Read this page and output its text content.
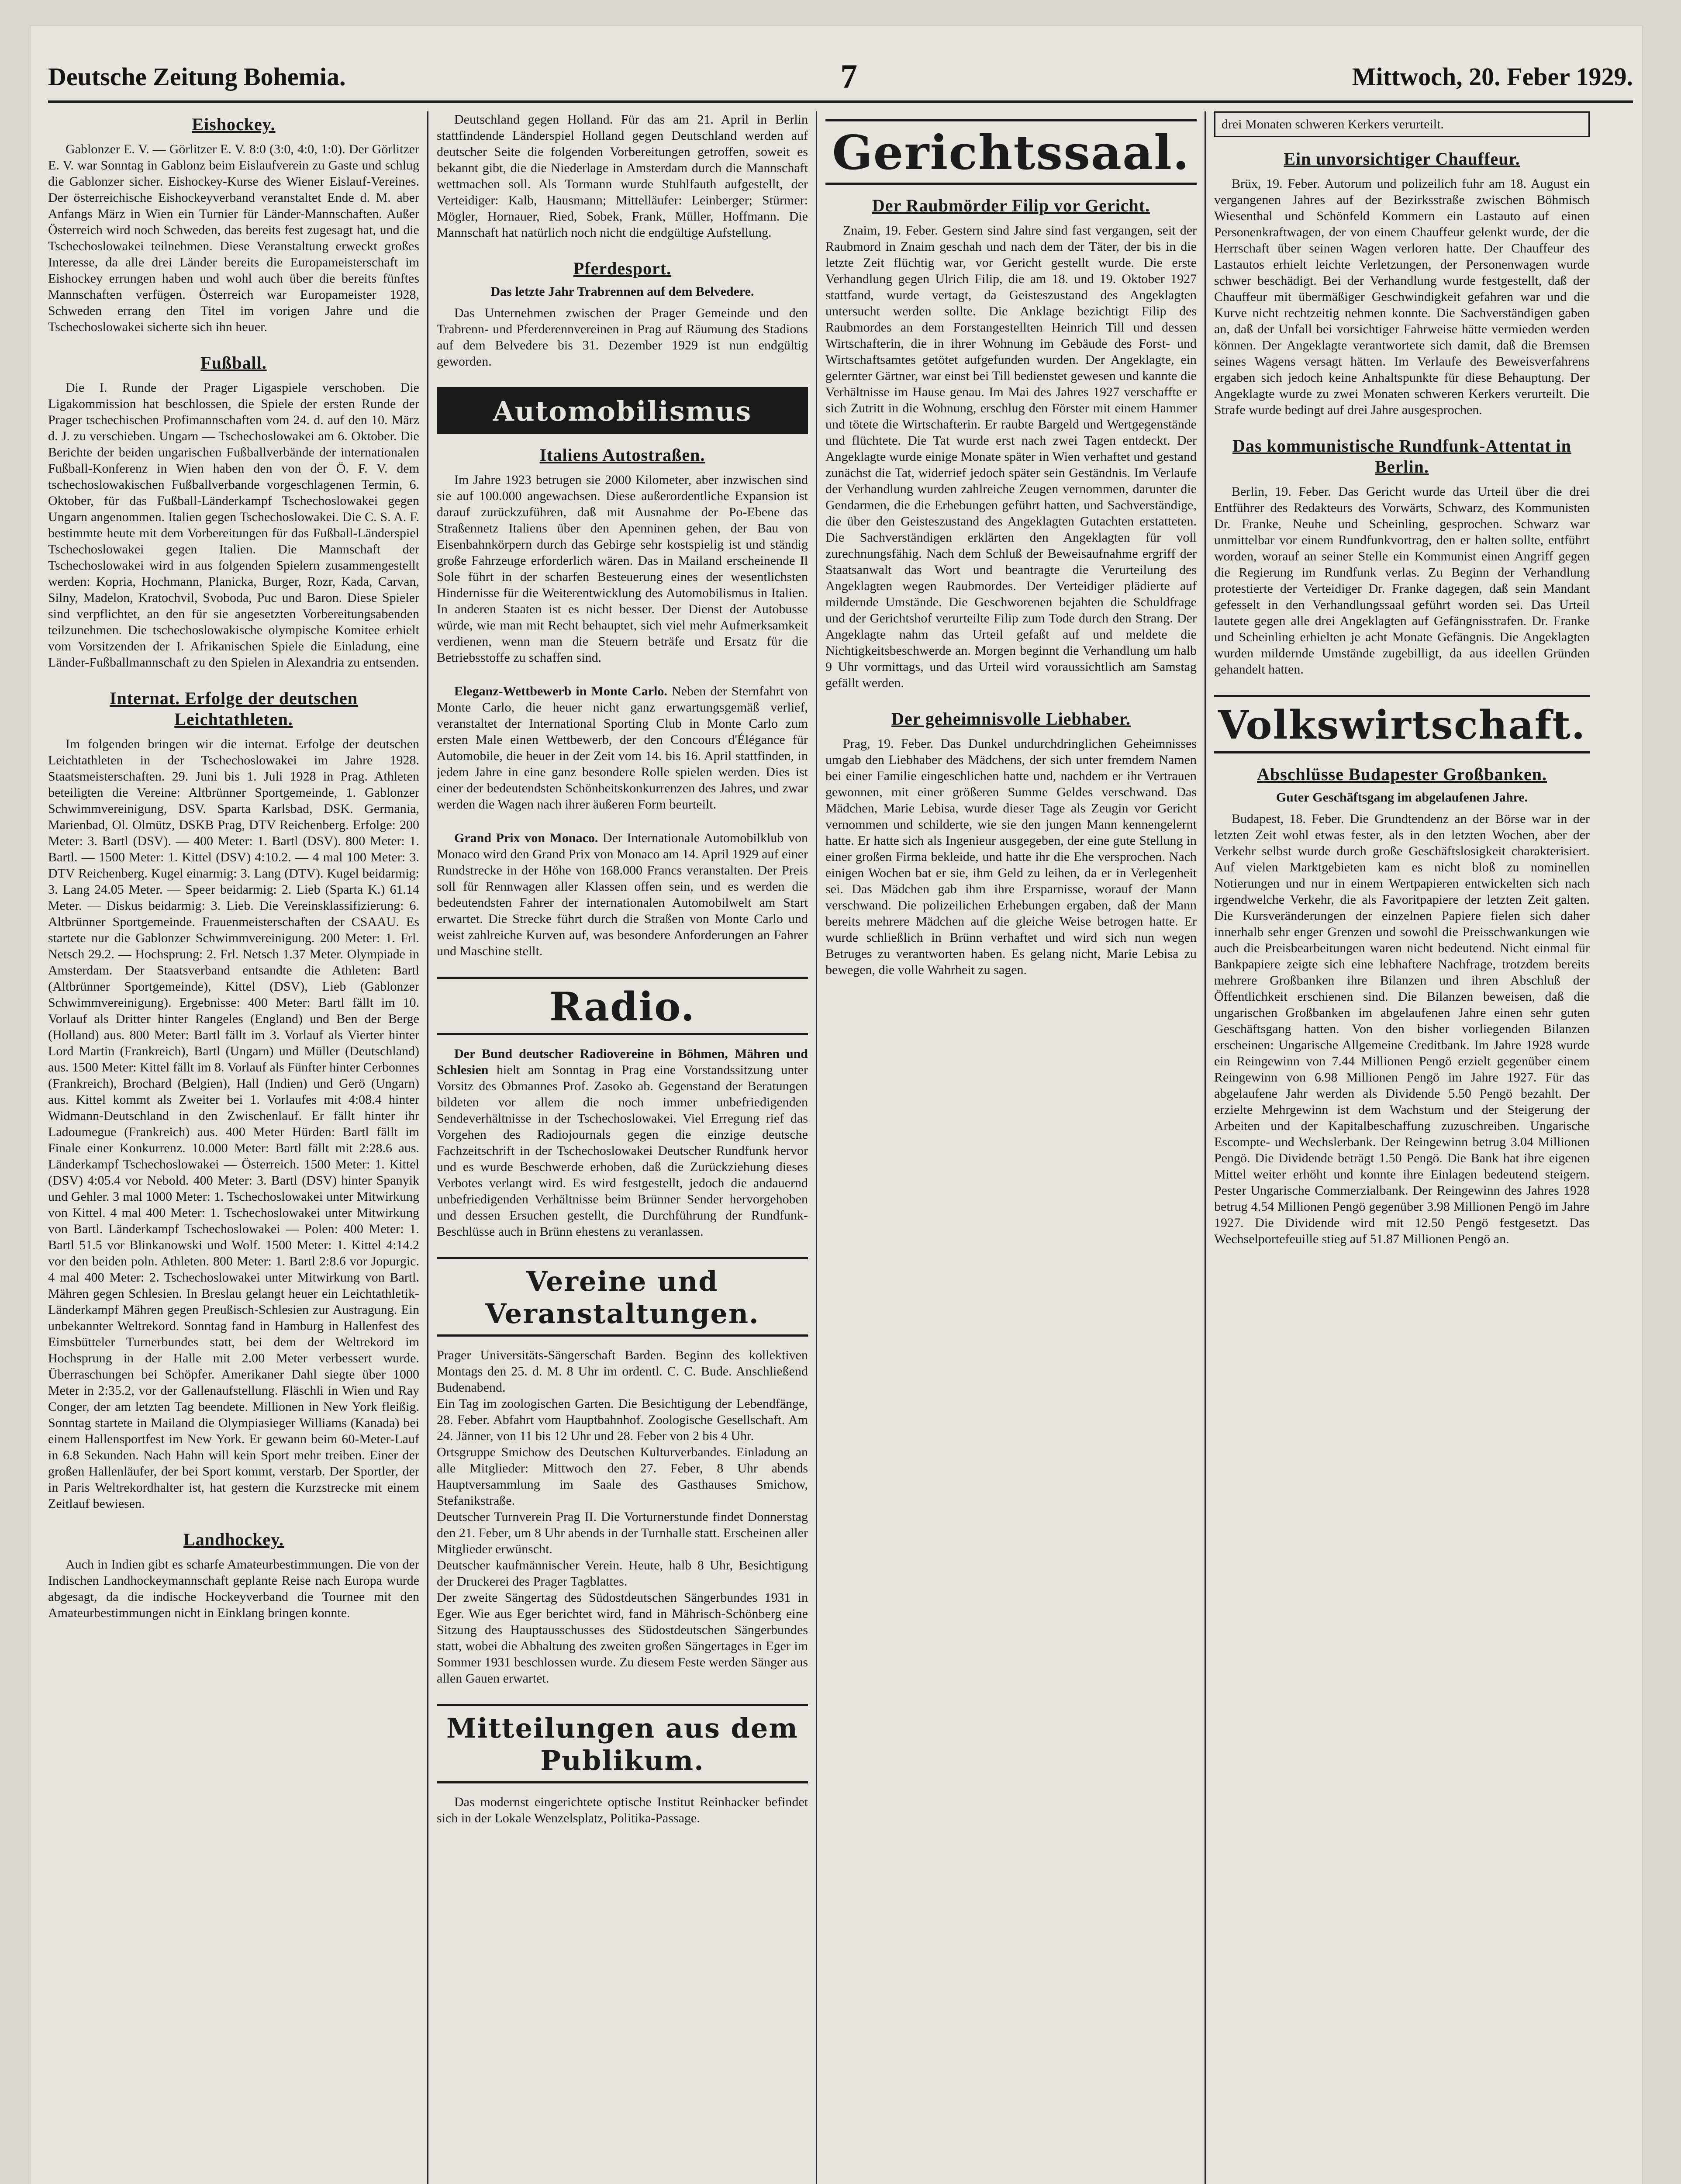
Deutsche Zeitung Bohemia.	7	Mittwoch, 20. Feber 1929.
Eishockey.

Gablonzer E. V. — Görlitzer E. V. 8:0 (3:0, 4:0, 1:0). Der Görlitzer E. V. war Sonntag in Gablonz beim Eislaufverein zu Gaste und schlug die Gablonzer sicher. Eishockey-Kurse des Wiener Eislauf-Vereines. Der österreichische Eishockeyverband veranstaltet Ende d. M. aber Anfangs März in Wien ein Turnier für Länder-Mannschaften. Außer Österreich wird noch Schweden, das bereits fest zugesagt hat, und die Tschechoslowakei teilnehmen. Diese Veranstaltung erweckt großes Interesse, da alle drei Länder bereits die Europameisterschaft im Eishockey errungen haben und wohl auch über die bereits fünftes Mannschaften verfügen. Österreich war Europameister 1928, Schweden errang den Titel im vorigen Jahre und die Tschechoslowakei sicherte sich ihn heuer.

Fußball.

Die I. Runde der Prager Ligaspiele verschoben. Die Ligakommission hat beschlossen, die Spiele der ersten Runde der Prager tschechischen Profimannschaften vom 24. d. auf den 10. März d. J. zu verschieben. Ungarn — Tschechoslowakei am 6. Oktober. Die Berichte der beiden ungarischen Fußballverbände der internationalen Fußball-Konferenz in Wien haben den von der Ö. F. V. dem tschechoslowakischen Fußballverbande vorgeschlagenen Termin, 6. Oktober, für das Fußball-Länderkampf Tschechoslowakei gegen Ungarn angenommen. Italien gegen Tschechoslowakei. Die C. S. A. F. bestimmte heute mit dem Vorbereitungen für das Fußball-Länderspiel Tschechoslowakei gegen Italien. Die Mannschaft der Tschechoslowakei wird in aus folgenden Spielern zusammengestellt werden: Kopria, Hochmann, Planicka, Burger, Rozr, Kada, Carvan, Silny, Madelon, Kratochvil, Svoboda, Puc und Baron. Diese Spieler sind verpflichtet, an den für sie angesetzten Vorbereitungsabenden teilzunehmen. Die tschechoslowakische olympische Komitee erhielt vom Vorsitzenden der I. Afrikanischen Spiele die Einladung, eine Länder-Fußballmannschaft zu den Spielen in Alexandria zu entsenden.

Internat. Erfolge der deutschen Leichtathleten.

Im folgenden bringen wir die internat. Erfolge der deutschen Leichtathleten in der Tschechoslowakei im Jahre 1928. Staatsmeisterschaften. 29. Juni bis 1. Juli 1928 in Prag. Athleten beteiligten die Vereine: Altbrünner Sportgemeinde, 1. Gablonzer Schwimmvereinigung, DSV. Sparta Karlsbad, DSK. Germania, Marienbad, Ol. Olmütz, DSKB Prag, DTV Reichenberg. Erfolge: 200 Meter: 3. Bartl (DSV). — 400 Meter: 1. Bartl (DSV). 800 Meter: 1. Bartl. — 1500 Meter: 1. Kittel (DSV) 4:10.2. — 4 mal 100 Meter: 3. DTV Reichenberg. Kugel einarmig: 3. Lang (DTV). Kugel beidarmig: 3. Lang 24.05 Meter. — Speer beidarmig: 2. Lieb (Sparta K.) 61.14 Meter. — Diskus beidarmig: 3. Lieb. Die Vereinsklassifizierung: 6. Altbrünner Sportgemeinde. Frauenmeisterschaften der CSAAU. Es startete nur die Gablonzer Schwimmvereinigung. 200 Meter: 1. Frl. Netsch 29.2. — Hochsprung: 2. Frl. Netsch 1.37 Meter. Olympiade in Amsterdam. Der Staatsverband entsandte die Athleten: Bartl (Altbrünner Sportgemeinde), Kittel (DSV), Lieb (Gablonzer Schwimmvereinigung). Ergebnisse: 400 Meter: Bartl fällt im 10. Vorlauf als Dritter hinter Rangeles (England) und Ben der Berge (Holland) aus. 800 Meter: Bartl fällt im 3. Vorlauf als Vierter hinter Lord Martin (Frankreich), Bartl (Ungarn) und Müller (Deutschland) aus. 1500 Meter: Kittel fällt im 8. Vorlauf als Fünfter hinter Cerbonnes (Frankreich), Brochard (Belgien), Hall (Indien) und Gerö (Ungarn) aus. Kittel kommt als Zweiter bei 1. Vorlaufes mit 4:08.4 hinter Widmann-Deutschland in den Zwischenlauf. Er fällt hinter ihr Ladoumegue (Frankreich) aus. 400 Meter Hürden: Bartl fällt im Finale einer Konkurrenz. 10.000 Meter: Bartl fällt mit 2:28.6 aus. Länderkampf Tschechoslowakei — Österreich. 1500 Meter: 1. Kittel (DSV) 4:05.4 vor Nebold. 400 Meter: 3. Bartl (DSV) hinter Spanyik und Gehler. 3 mal 1000 Meter: 1. Tschechoslowakei unter Mitwirkung von Kittel. 4 mal 400 Meter: 1. Tschechoslowakei unter Mitwirkung von Bartl. Länderkampf Tschechoslowakei — Polen: 400 Meter: 1. Bartl 51.5 vor Blinkanowski und Wolf. 1500 Meter: 1. Kittel 4:14.2 vor den beiden poln. Athleten. 800 Meter: 1. Bartl 2:8.6 vor Jopurgic. 4 mal 400 Meter: 2. Tschechoslowakei unter Mitwirkung von Bartl. Mähren gegen Schlesien. In Breslau gelangt heuer ein Leichtathletik-Länderkampf Mähren gegen Preußisch-Schlesien zur Austragung. Ein unbekannter Weltrekord. Sonntag fand in Hamburg in Hallenfest des Eimsbütteler Turnerbundes statt, bei dem der Weltrekord im Hochsprung in der Halle mit 2.00 Meter verbessert wurde. Überraschungen bei Schöpfer. Amerikaner Dahl siegte über 1000 Meter in 2:35.2, vor der Gallenaufstellung. Fläschli in Wien und Ray Conger, der am letzten Tag beendete. Millionen in New York fleißig. Sonntag startete in Mailand die Olympiasieger Williams (Kanada) bei einem Hallensportfest im New York. Er gewann beim 60-Meter-Lauf in 6.8 Sekunden. Nach Hahn will kein Sport mehr treiben. Einer der großen Hallenläufer, der bei Sport kommt, verstarb. Der Sportler, der in Paris Weltrekordhalter ist, hat gestern die Kurzstrecke mit einem Zeitlauf bewiesen.

Landhockey.

Auch in Indien gibt es scharfe Amateurbestimmungen. Die von der Indischen Landhockeymannschaft geplante Reise nach Europa wurde abgesagt, da die indische Hockeyverband die Tournee mit den Amateurbestimmungen nicht in Einklang bringen konnte.

Deutschland gegen Holland. Für das am 21. April in Berlin stattfindende Länderspiel Holland gegen Deutschland werden auf deutscher Seite die folgenden Vorbereitungen getroffen, soweit es bekannt gibt, die die Niederlage in Amsterdam durch die Mannschaft wettmachen soll. Als Tormann wurde Stuhlfauth aufgestellt, der Verteidiger: Kalb, Hausmann; Mittelläufer: Leinberger; Stürmer: Mögler, Hornauer, Ried, Sobek, Frank, Müller, Hoffmann. Die Mannschaft hat natürlich noch nicht die endgültige Aufstellung.

Pferdesport.
Das letzte Jahr Trabrennen auf dem Belvedere.

Das Unternehmen zwischen der Prager Gemeinde und den Trabrenn- und Pferderennvereinen in Prag auf Räumung des Stadions auf dem Belvedere bis 31. Dezember 1929 ist nun endgültig geworden.

Automobilismus
Italiens Autostraßen.

Im Jahre 1923 betrugen sie 2000 Kilometer, aber inzwischen sind sie auf 100.000 angewachsen. Diese außerordentliche Expansion ist darauf zurückzuführen, daß mit Ausnahme der Po-Ebene das Straßennetz Italiens über den Apenninen gehen, der Bau von Eisenbahnkörpern durch das Gebirge sehr kostspielig ist und ständig große Fahrzeuge erforderlich wären. Das in Mailand erscheinende Il Sole führt in der scharfen Besteuerung eines der wesentlichsten Hindernisse für die Weiterentwicklung des Automobilismus in Italien. In anderen Staaten ist es nicht besser. Der Dienst der Autobusse würde, wie man mit Recht behauptet, sich viel mehr Aufmerksamkeit verdienen, wenn man die Steuern beträfe und Ersatz für die Betriebsstoffe zu schaffen sind.

Eleganz-Wettbewerb in Monte Carlo. Neben der Sternfahrt von Monte Carlo, die heuer nicht ganz erwartungsgemäß verlief, veranstaltet der International Sporting Club in Monte Carlo zum ersten Male einen Wettbewerb, der den Concours d'Élégance für Automobile, die heuer in der Zeit vom 14. bis 16. April stattfinden, in jedem Jahre in eine ganz besondere Rolle spielen werden. Dies ist einer der bedeutendsten Schönheitskonkurrenzen des Jahres, und zwar werden die Wagen nach ihrer äußeren Form beurteilt.

Grand Prix von Monaco. Der Internationale Automobilklub von Monaco wird den Grand Prix von Monaco am 14. April 1929 auf einer Rundstrecke in der Höhe von 168.000 Francs veranstalten. Der Preis soll für Rennwagen aller Klassen offen sein, und es werden die bedeutendsten Fahrer der internationalen Automobilwelt am Start erwartet. Die Strecke führt durch die Straßen von Monte Carlo und weist zahlreiche Kurven auf, was besondere Anforderungen an Fahrer und Maschine stellt.

Radio.

Der Bund deutscher Radiovereine in Böhmen, Mähren und Schlesien hielt am Sonntag in Prag eine Vorstandssitzung unter Vorsitz des Obmannes Prof. Zasoko ab. Gegenstand der Beratungen bildeten vor allem die noch immer unbefriedigenden Sendeverhältnisse in der Tschechoslowakei. Viel Erregung rief das Vorgehen des Radiojournals gegen die einzige deutsche Fachzeitschrift in der Tschechoslowakei Deutscher Rundfunk hervor und es wurde Beschwerde erhoben, daß die Zurückziehung dieses Verbotes verlangt wird. Es wird festgestellt, jedoch die andauernd unbefriedigenden Verhältnisse beim Brünner Sender hervorgehoben und dessen Ersuchen gestellt, die Durchführung der Rundfunk-Beschlüsse auch in Brünn ehestens zu veranlassen.

Vereine und Veranstaltungen.

Prager Universitäts-Sängerschaft Barden. Beginn des kollektiven Montags den 25. d. M. 8 Uhr im ordentl. C. C. Bude. Anschließend Budenabend.

Ein Tag im zoologischen Garten. Die Besichtigung der Lebendfänge, 28. Feber. Abfahrt vom Hauptbahnhof. Zoologische Gesellschaft. Am 24. Jänner, von 11 bis 12 Uhr und 28. Feber von 2 bis 4 Uhr.

Ortsgruppe Smichow des Deutschen Kulturverbandes. Einladung an alle Mitglieder: Mittwoch den 27. Feber, 8 Uhr abends Hauptversammlung im Saale des Gasthauses Smichow, Stefanikstraße.

Deutscher Turnverein Prag II. Die Vorturnerstunde findet Donnerstag den 21. Feber, um 8 Uhr abends in der Turnhalle statt. Erscheinen aller Mitglieder erwünscht.

Deutscher kaufmännischer Verein. Heute, halb 8 Uhr, Besichtigung der Druckerei des Prager Tagblattes.

Der zweite Sängertag des Südostdeutschen Sängerbundes 1931 in Eger. Wie aus Eger berichtet wird, fand in Mährisch-Schönberg eine Sitzung des Hauptausschusses des Südostdeutschen Sängerbundes statt, wobei die Abhaltung des zweiten großen Sängertages in Eger im Sommer 1931 beschlossen wurde. Zu diesem Feste werden Sänger aus allen Gauen erwartet.

Mitteilungen aus dem Publikum.

Das modernst eingerichtete optische Institut Reinhacker befindet sich in der Lokale Wenzelsplatz, Politika-Passage.

Gerichtssaal.
Der Raubmörder Filip vor Gericht.

Znaim, 19. Feber. Gestern sind Jahre sind fast vergangen, seit der Raubmord in Znaim geschah und nach dem der Täter, der bis in die letzte Zeit flüchtig war, vor Gericht gestellt wurde. Die erste Verhandlung gegen Ulrich Filip, die am 18. und 19. Oktober 1927 stattfand, wurde vertagt, da Geisteszustand des Angeklagten untersucht werden sollte. Die Anklage bezichtigt Filip des Raubmordes an dem Forstangestellten Heinrich Till und dessen Wirtschafterin, die in ihrer Wohnung im Gebäude des Forst- und Wirtschaftsamtes getötet aufgefunden wurden. Der Angeklagte, ein gelernter Gärtner, war einst bei Till bedienstet gewesen und kannte die Verhältnisse im Hause genau. Im Mai des Jahres 1927 verschaffte er sich Zutritt in die Wohnung, erschlug den Förster mit einem Hammer und tötete die Wirtschafterin. Er raubte Bargeld und Wertgegenstände und flüchtete. Die Tat wurde erst nach zwei Tagen entdeckt. Der Angeklagte wurde einige Monate später in Wien verhaftet und gestand zunächst die Tat, widerrief jedoch später sein Geständnis. Im Verlaufe der Verhandlung wurden zahlreiche Zeugen vernommen, darunter die Gendarmen, die die Erhebungen geführt hatten, und Sachverständige, die über den Geisteszustand des Angeklagten Gutachten erstatteten. Die Sachverständigen erklärten den Angeklagten für voll zurechnungsfähig. Nach dem Schluß der Beweisaufnahme ergriff der Staatsanwalt das Wort und beantragte die Verurteilung des Angeklagten wegen Raubmordes. Der Verteidiger plädierte auf mildernde Umstände. Die Geschworenen bejahten die Schuldfrage und der Gerichtshof verurteilte Filip zum Tode durch den Strang. Der Angeklagte nahm das Urteil gefaßt auf und meldete die Nichtigkeitsbeschwerde an. Morgen beginnt die Verhandlung um halb 9 Uhr vormittags, und das Urteil wird voraussichtlich am Samstag gefällt werden.

Der geheimnisvolle Liebhaber.

Prag, 19. Feber. Das Dunkel undurchdringlichen Geheimnisses umgab den Liebhaber des Mädchens, der sich unter fremdem Namen bei einer Familie eingeschlichen hatte und, nachdem er ihr Vertrauen gewonnen, mit einer größeren Summe Geldes verschwand. Das Mädchen, Marie Lebisa, wurde dieser Tage als Zeugin vor Gericht vernommen und schilderte, wie sie den jungen Mann kennengelernt hatte. Er hatte sich als Ingenieur ausgegeben, der eine gute Stellung in einer großen Firma bekleide, und hatte ihr die Ehe versprochen. Nach einigen Wochen bat er sie, ihm Geld zu leihen, da er in Verlegenheit sei. Das Mädchen gab ihm ihre Ersparnisse, worauf der Mann verschwand. Die polizeilichen Erhebungen ergaben, daß der Mann bereits mehrere Mädchen auf die gleiche Weise betrogen hatte. Er wurde schließlich in Brünn verhaftet und wird sich nun wegen Betruges zu verantworten haben. Es gelang nicht, Marie Lebisa zu bewegen, die volle Wahrheit zu sagen.

drei Monaten schweren Kerkers verurteilt.
Ein unvorsichtiger Chauffeur.

Brüx, 19. Feber. Autorum und polizeilich fuhr am 18. August ein vergangenen Jahres auf der Bezirksstraße zwischen Böhmisch Wiesenthal und Schönfeld Kommern ein Lastauto auf einen Personenkraftwagen, der von einem Chauffeur gelenkt wurde, der die Herrschaft über seinen Wagen verloren hatte. Der Chauffeur des Lastautos erhielt leichte Verletzungen, der Personenwagen wurde schwer beschädigt. Bei der Verhandlung wurde festgestellt, daß der Chauffeur mit übermäßiger Geschwindigkeit gefahren war und die Kurve nicht rechtzeitig nehmen konnte. Die Sachverständigen gaben an, daß der Unfall bei vorsichtiger Fahrweise hätte vermieden werden können. Der Angeklagte verantwortete sich damit, daß die Bremsen seines Wagens versagt hätten. Im Verlaufe des Beweisverfahrens ergaben sich jedoch keine Anhaltspunkte für diese Behauptung. Der Angeklagte wurde zu zwei Monaten schweren Kerkers verurteilt. Die Strafe wurde bedingt auf drei Jahre ausgesprochen.

Das kommunistische Rundfunk-Attentat in Berlin.

Berlin, 19. Feber. Das Gericht wurde das Urteil über die drei Entführer des Redakteurs des Vorwärts, Schwarz, des Kommunisten Dr. Franke, Neuhe und Scheinling, gesprochen. Schwarz war unmittelbar vor einem Rundfunkvortrag, den er halten sollte, entführt worden, worauf an seiner Stelle ein Kommunist einen Angriff gegen die Regierung im Rundfunk verlas. Zu Beginn der Verhandlung protestierte der Verteidiger Dr. Franke dagegen, daß sein Mandant gefesselt in den Verhandlungssaal geführt worden sei. Das Urteil lautete gegen alle drei Angeklagten auf Gefängnisstrafen. Dr. Franke und Scheinling erhielten je acht Monate Gefängnis. Die Angeklagten wurden mildernde Umstände zugebilligt, da aus ideellen Gründen gehandelt hatten.

Volkswirtschaft.
Abschlüsse Budapester Großbanken.
Guter Geschäftsgang im abgelaufenen Jahre.

Budapest, 18. Feber. Die Grundtendenz an der Börse war in der letzten Zeit wohl etwas fester, als in den letzten Wochen, aber der Verkehr selbst wurde durch große Geschäftslosigkeit charakterisiert. Auf vielen Marktgebieten kam es nicht bloß zu nominellen Notierungen und nur in einem Wertpapieren entwickelten sich nach irgendwelche Verkehr, die als Favoritpapiere der letzten Zeit galten. Die Kursveränderungen der einzelnen Papiere fielen sich daher innerhalb sehr enger Grenzen und sowohl die Preisschwankungen wie auch die Preisbearbeitungen waren nicht bedeutend. Nicht einmal für Bankpapiere zeigte sich eine lebhaftere Nachfrage, trotzdem bereits mehrere Großbanken ihre Bilanzen und ihren Abschluß der Öffentlichkeit erschienen sind. Die Bilanzen beweisen, daß die ungarischen Großbanken im abgelaufenen Jahre einen sehr guten Geschäftsgang hatten. Von den bisher vorliegenden Bilanzen erscheinen: Ungarische Allgemeine Creditbank. Im Jahre 1928 wurde ein Reingewinn von 7.44 Millionen Pengö erzielt gegenüber einem Reingewinn von 6.98 Millionen Pengö im Jahre 1927. Für das abgelaufene Jahr werden als Dividende 5.50 Pengö bezahlt. Der erzielte Mehrgewinn ist dem Wachstum und der Steigerung der Arbeiten und der Kapitalbeschaffung zuzuschreiben. Ungarische Escompte- und Wechslerbank. Der Reingewinn betrug 3.04 Millionen Pengö. Die Dividende beträgt 1.50 Pengö. Die Bank hat ihre eigenen Mittel weiter erhöht und konnte ihre Einlagen bedeutend steigern. Pester Ungarische Commerzialbank. Der Reingewinn des Jahres 1928 betrug 4.54 Millionen Pengö gegenüber 3.98 Millionen Pengö im Jahre 1927. Die Dividende wird mit 12.50 Pengö festgesetzt. Das Wechselportefeuille stieg auf 51.87 Millionen Pengö an.
